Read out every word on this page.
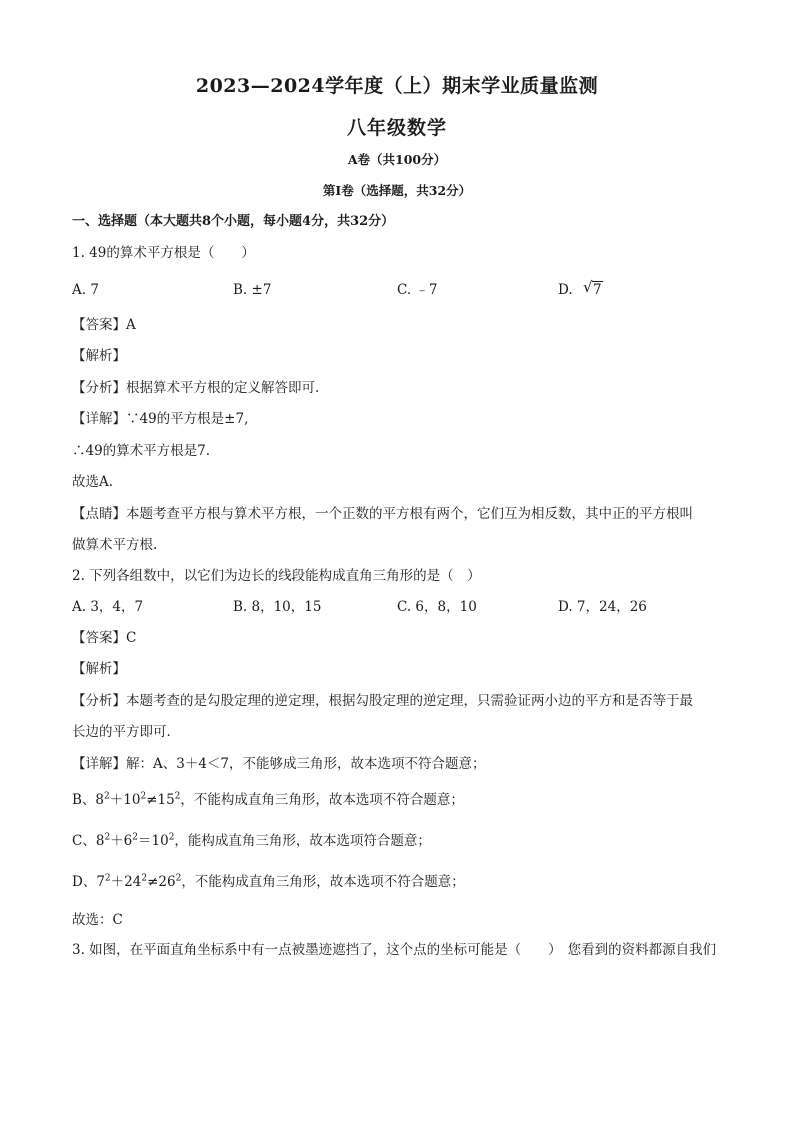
2023—2024学年度（上）期末学业质量监测
八年级数学
A卷（共100分）
第Ⅰ卷（选择题，共32分）
一、选择题（本大题共8个小题，每小题4分，共32分）
1. 49的算术平方根是（　　）
A. 7	B. ±7	C. ﹣7	D. √ 7
【答案】A
【解析】
【分析】根据算术平方根的定义解答即可.
【详解】∵49的平方根是±7,
∴49的算术平方根是7.
故选A.
【点睛】本题考查平方根与算术平方根，一个正数的平方根有两个，它们互为相反数，其中正的平方根叫
做算术平方根.
2. 下列各组数中，以它们为边长的线段能构成直角三角形的是（　）
A. 3，4，7	B. 8，10，15	C. 6，8，10	D. 7，24，26
【答案】C
【解析】
【分析】本题考查的是勾股定理的逆定理，根据勾股定理的逆定理，只需验证两小边的平方和是否等于最
长边的平方即可．
【详解】解：A、3＋4＜7，不能够成三角形，故本选项不符合题意；
B、$8^2+10^2\ne 15^2$，不能构成直角三角形，故本选项不符合题意；
C、$8^2+6^2=10^2$，能构成直角三角形，故本选项符合题意；
D、$7^2+24^2\ne 26^2$，不能构成直角三角形，故本选项不符合题意；
故选：C
3. 如图，在平面直角坐标系中有一点被墨迹遮挡了，这个点的坐标可能是（　　） 您看到的资料都源自我们
